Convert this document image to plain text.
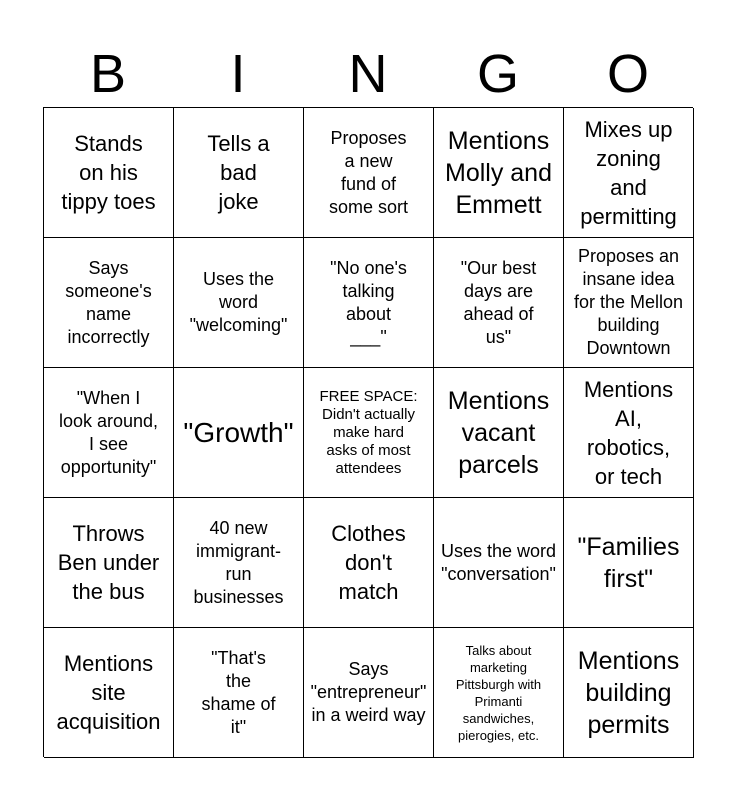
B	I	N	G	O
Stands
on his
tippy toes
Tells a
bad
joke
Proposes
a new
fund of
some sort
Mentions
Molly and
Emmett
Mixes up
zoning
and
permitting
Says
someone's
name
incorrectly
Uses the
word
"welcoming"
"No one's
talking
about
___"
"Our best
days are
ahead of
us"
Proposes an
insane idea
for the Mellon
building
Downtown
"When I
look around,
I see
opportunity"
"Growth"
FREE SPACE:
Didn't actually
make hard
asks of most
attendees
Mentions
vacant
parcels
Mentions
AI,
robotics,
or tech
Throws
Ben under
the bus
40 new
immigrant-
run
businesses
Clothes
don't
match
Uses the word
"conversation"
"Families
first"
Mentions
site
acquisition
"That's
the
shame of
it"
Says
"entrepreneur"
in a weird way
Talks about
marketing
Pittsburgh with
Primanti
sandwiches,
pierogies, etc.
Mentions
building
permits
